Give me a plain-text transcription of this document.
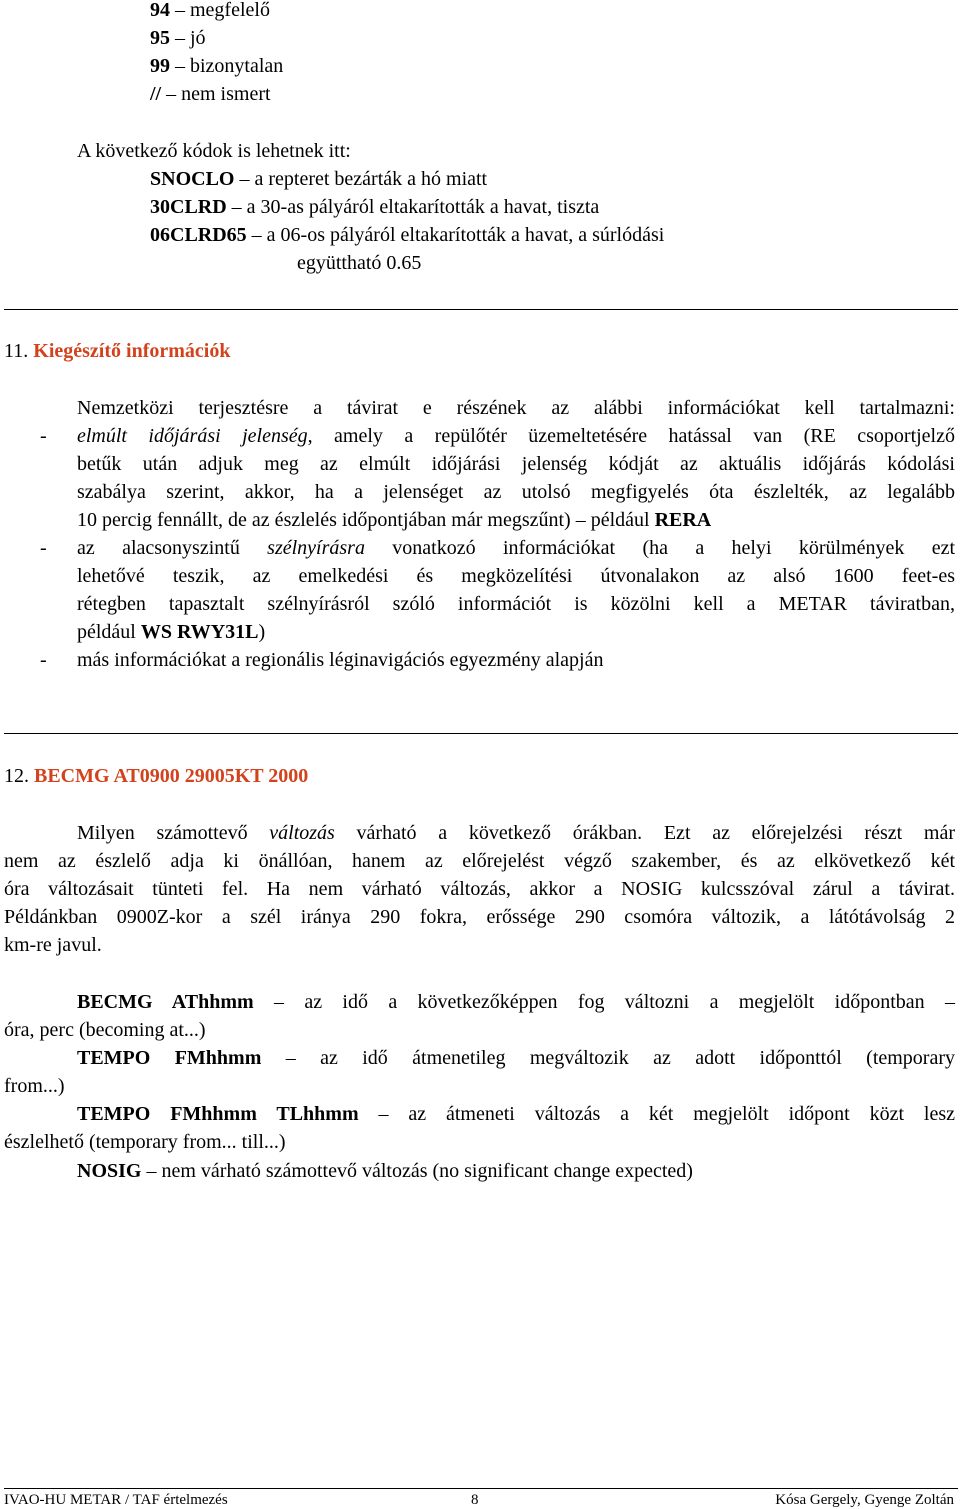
94 – megfelelő
95 – jó
99 – bizonytalan
// – nem ismert
A következő kódok is lehetnek itt:
SNOCLO – a repteret bezárták a hó miatt
30CLRD – a 30-as pályáról eltakarították a havat, tiszta
06CLRD65 – a 06-os pályáról eltakarították a havat, a súrlódási
együttható 0.65
11. Kiegészítő információk
Nemzetközi terjesztésre a távirat e részének az alábbi információkat kell tartalmazni:
- elmúlt időjárási jelenség, amely a repülőtér üzemeltetésére hatással van (RE csoportjelző
betűk után adjuk meg az elmúlt időjárási jelenség kódját az aktuális időjárás kódolási
szabálya szerint, akkor, ha a jelenséget az utolsó megfigyelés óta észlelték, az legalább
10 percig fennállt, de az észlelés időpontjában már megszűnt) – például RERA
- az alacsonyszintű szélnyírásra vonatkozó információkat (ha a helyi körülmények ezt
lehetővé teszik, az emelkedési és megközelítési útvonalakon az alsó 1600 feet-es
rétegben tapasztalt szélnyírásról szóló információt is közölni kell a METAR táviratban,
például WS RWY31L)
- más információkat a regionális léginavigációs egyezmény alapján
12. BECMG AT0900 29005KT 2000
Milyen számottevő változás várható a következő órákban. Ezt az előrejelzési részt már
nem az észlelő adja ki önállóan, hanem az előrejelést végző szakember, és az elkövetkező két
óra változásait tünteti fel. Ha nem várható változás, akkor a NOSIG kulcsszóval zárul a távirat.
Példánkban 0900Z-kor a szél iránya 290 fokra, erőssége 290 csomóra változik, a látótávolság 2
km-re javul.
BECMG AThhmm – az idő a következőképpen fog változni a megjelölt időpontban –
óra, perc (becoming at...)
TEMPO FMhhmm – az idő átmenetileg megváltozik az adott időponttól (temporary
from...)
TEMPO FMhhmm TLhhmm – az átmeneti változás a két megjelölt időpont közt lesz
észlelhető (temporary from... till...)
NOSIG – nem várható számottevő változás (no significant change expected)
IVAO-HU METAR / TAF értelmezés	8	Kósa Gergely, Gyenge Zoltán
